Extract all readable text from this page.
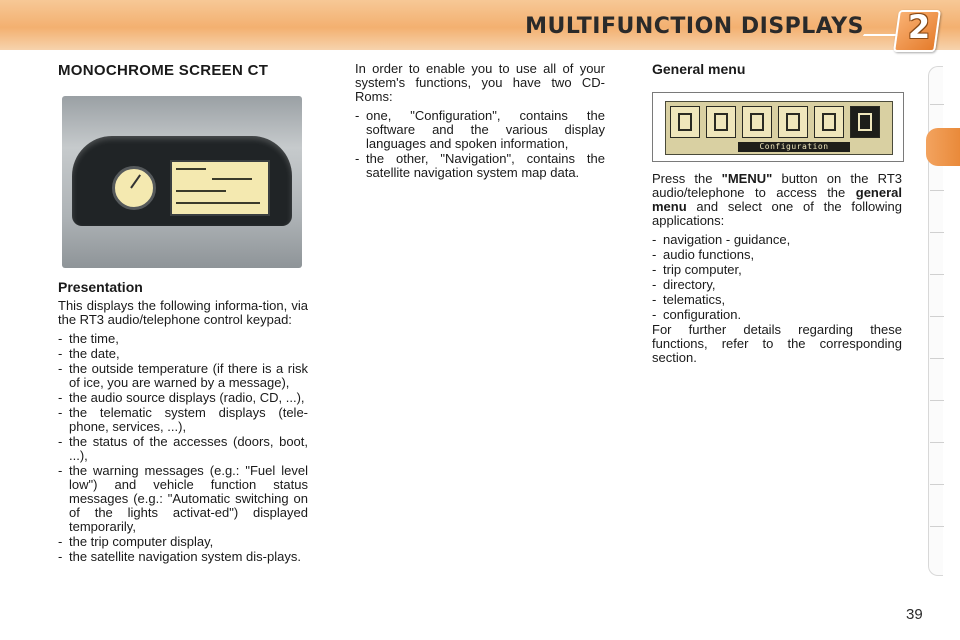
MULTIFUNCTION DISPLAYS 2
MONOCHROME SCREEN CT

Presentation

This displays the following informa-tion, via the RT3 audio/telephone control keypad:

- the time,
- the date,
- the outside temperature (if there is a risk of ice, you are warned by a message),
- the audio source displays (radio, CD, ...),
- the telematic system displays (tele-phone, services, ...),
- the status of the accesses (doors, boot, ...),
- the warning messages (e.g.: "Fuel level low") and vehicle function status messages (e.g.: "Automatic switching on of the lights activat-ed") displayed temporarily,
- the trip computer display,
- the satellite navigation system dis-plays.

In order to enable you to use all of your system's functions, you have two CD-Roms:

- one, "Configuration", contains the software and the various display languages and spoken information,
- the other, "Navigation", contains the satellite navigation system map data.

General menu

Configuration

Press the "MENU" button on the RT3 audio/telephone to access the general menu and select one of the following applications:

- navigation - guidance,
- audio functions,
- trip computer,
- directory,
- telematics,
- configuration.

For further details regarding these functions, refer to the corresponding section.

39
